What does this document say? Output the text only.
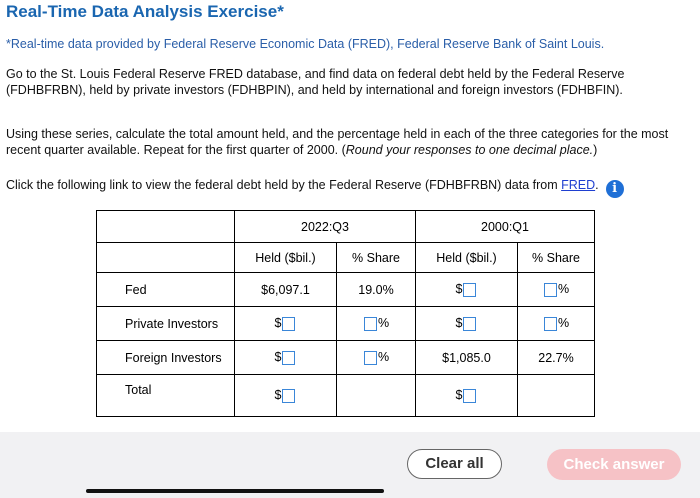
Real-Time Data Analysis Exercise*
*Real-time data provided by Federal Reserve Economic Data (FRED), Federal Reserve Bank of Saint Louis.
Go to the St. Louis Federal Reserve FRED database, and find data on federal debt held by the Federal Reserve (FDHBFRBN), held by private investors (FDHBPIN), and held by international and foreign investors (FDHBFIN).
Using these series, calculate the total amount held, and the percentage held in each of the three categories for the most recent quarter available. Repeat for the first quarter of 2000. (Round your responses to one decimal place.)
Click the following link to view the federal debt held by the Federal Reserve (FDHBFRBN) data from FRED. i
	2022:Q3		2000:Q1	
	Held ($bil.)	% Share	Held ($bil.)	% Share
Fed	$6,097.1	19.0%	$	%
Private Investors	$	%	$	%
Foreign Investors	$	%	$1,085.0	22.7%
Total	$		$	
Clear all	Check answer
